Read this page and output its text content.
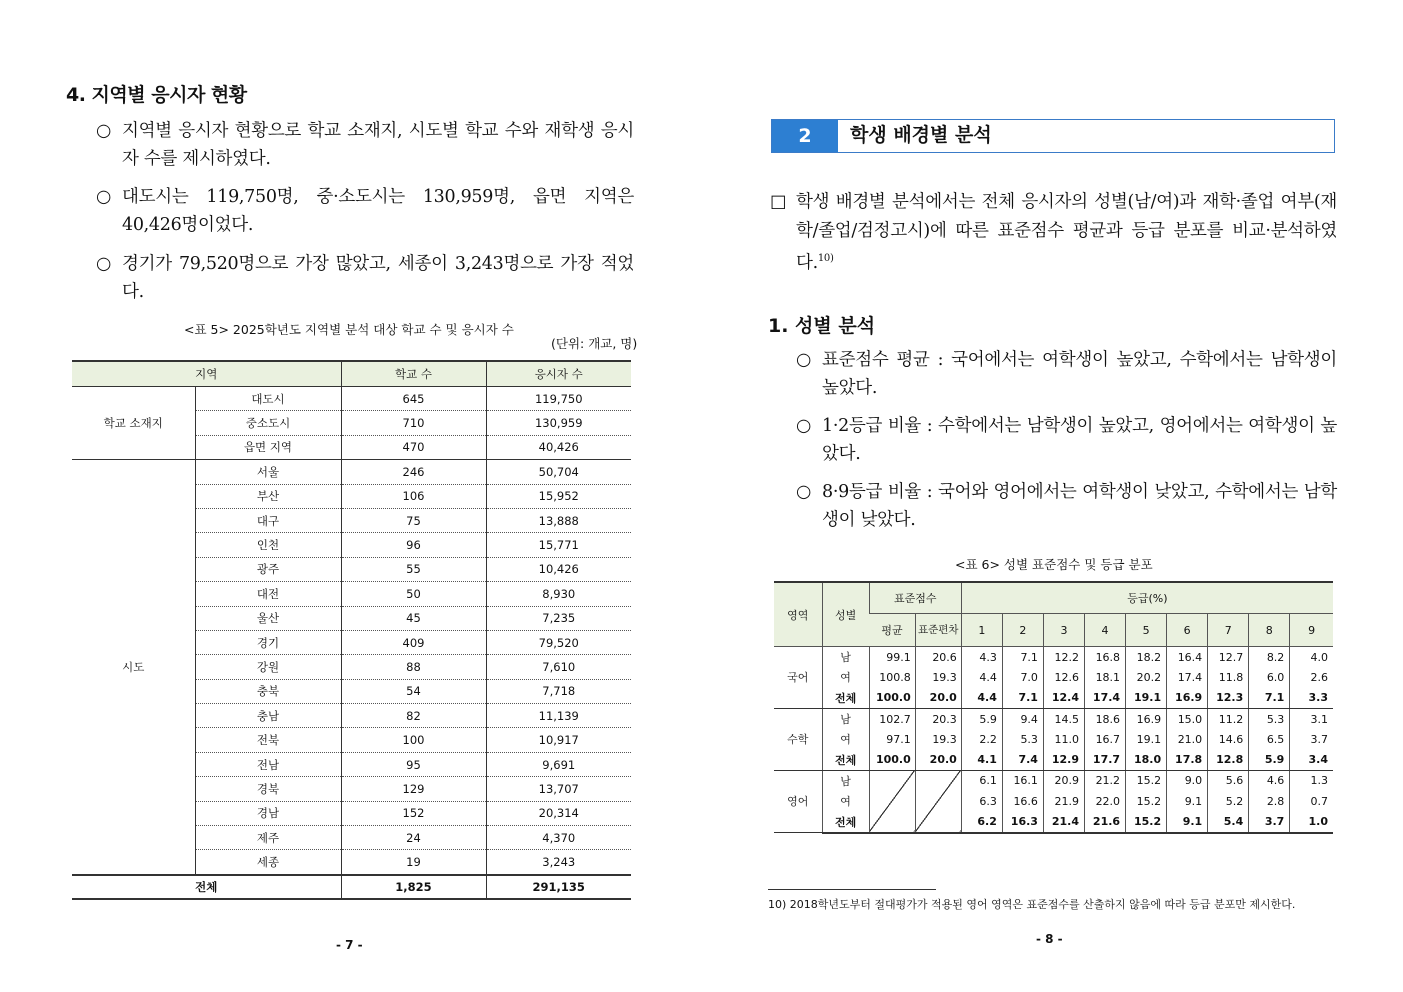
4. 지역별 응시자 현황
○ 지역별 응시자 현황으로 학교 소재지, 시도별 학교 수와 재학생 응시자 수를 제시하였다.
○ 대도시는 119,750명, 중·소도시는 130,959명, 읍면 지역은 40,426명이었다.
○ 경기가 79,520명으로 가장 많았고, 세종이 3,243명으로 가장 적었다.
<표 5> 2025학년도 지역별 분석 대상 학교 수 및 응시자 수
(단위: 개교, 명)
지역		학교 수	응시자 수
학교 소재지	대도시	645	119,750
	중소도시	710	130,959
	읍면 지역	470	40,426
시도	서울	246	50,704
	부산	106	15,952
	대구	75	13,888
	인천	96	15,771
	광주	55	10,426
	대전	50	8,930
	울산	45	7,235
	경기	409	79,520
	강원	88	7,610
	충북	54	7,718
	충남	82	11,139
	전북	100	10,917
	전남	95	9,691
	경북	129	13,707
	경남	152	20,314
	제주	24	4,370
	세종	19	3,243
전체		1,825	291,135
- 7 -
2	학생 배경별 분석
□ 학생 배경별 분석에서는 전체 응시자의 성별(남/여)과 재학·졸업 여부(재학/졸업/검정고시)에 따른 표준점수 평균과 등급 분포를 비교·분석하였다.$^{10)}$
1. 성별 분석
○ 표준점수 평균 : 국어에서는 여학생이 높았고, 수학에서는 남학생이 높았다.
○ 1·2등급 비율 : 수학에서는 남학생이 높았고, 영어에서는 여학생이 높았다.
○ 8·9등급 비율 : 국어와 영어에서는 여학생이 낮았고, 수학에서는 남학생이 낮았다.
<표 6> 성별 표준점수 및 등급 분포
영역	성별	표준점수		등급(%)								
		평균	표준편차	1	2	3	4	5	6	7	8	9
국어	남	99.1	20.6	4.3	7.1	12.2	16.8	18.2	16.4	12.7	8.2	4.0
	여	100.8	19.3	4.4	7.0	12.6	18.1	20.2	17.4	11.8	6.0	2.6
	전체	100.0	20.0	4.4	7.1	12.4	17.4	19.1	16.9	12.3	7.1	3.3
수학	남	102.7	20.3	5.9	9.4	14.5	18.6	16.9	15.0	11.2	5.3	3.1
	여	97.1	19.3	2.2	5.3	11.0	16.7	19.1	21.0	14.6	6.5	3.7
	전체	100.0	20.0	4.1	7.4	12.9	17.7	18.0	17.8	12.8	5.9	3.4
영어	남			6.1	16.1	20.9	21.2	15.2	9.0	5.6	4.6	1.3
	여			6.3	16.6	21.9	22.0	15.2	9.1	5.2	2.8	0.7
	전체			6.2	16.3	21.4	21.6	15.2	9.1	5.4	3.7	1.0
10) 2018학년도부터 절대평가가 적용된 영어 영역은 표준점수를 산출하지 않음에 따라 등급 분포만 제시한다.
- 8 -
